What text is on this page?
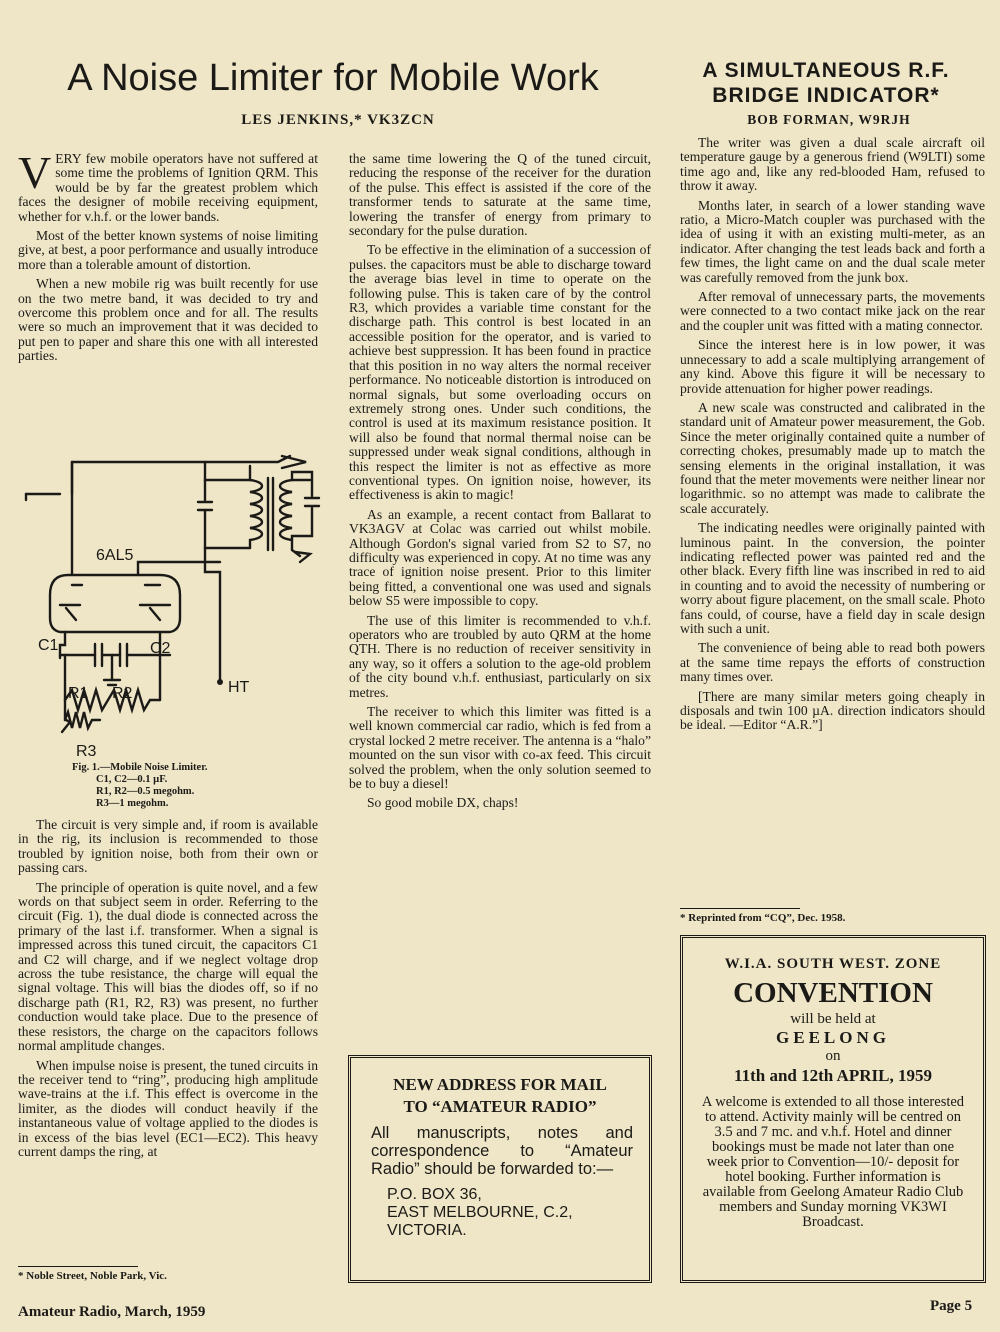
A Noise Limiter for Mobile Work
LES JENKINS,* VK3ZCN
A SIMULTANEOUS R.F. BRIDGE INDICATOR*
BOB FORMAN, W9RJH

VERY few mobile operators have not suffered at some time the problems of Ignition QRM. This would be by far the greatest problem which faces the designer of mobile receiving equipment, whether for v.h.f. or the lower bands.

Most of the better known systems of noise limiting give, at best, a poor performance and usually introduce more than a tolerable amount of distortion.

When a new mobile rig was built recently for use on the two metre band, it was decided to try and overcome this problem once and for all. The results were so much an improvement that it was decided to put pen to paper and share this one with all interested parties.

6AL5
C1	C2
R1 R2
R3
HT
Fig. 1.—Mobile Noise Limiter.
C1, C2—0.1 µF.
R1, R2—0.5 megohm.
R3—1 megohm.

The circuit is very simple and, if room is available in the rig, its inclusion is recommended to those troubled by ignition noise, both from their own or passing cars.

The principle of operation is quite novel, and a few words on that subject seem in order. Referring to the circuit (Fig. 1), the dual diode is connected across the primary of the last i.f. transformer. When a signal is impressed across this tuned circuit, the capacitors C1 and C2 will charge, and if we neglect voltage drop across the tube resistance, the charge will equal the signal voltage. This will bias the diodes off, so if no discharge path (R1, R2, R3) was present, no further conduction would take place. Due to the presence of these resistors, the charge on the capacitors follows normal amplitude changes.

When impulse noise is present, the tuned circuits in the receiver tend to “ring”, producing high amplitude wave-trains at the i.f. This effect is overcome in the limiter, as the diodes will conduct heavily if the instantaneous value of voltage applied to the diodes is in excess of the bias level (EC1—EC2). This heavy current damps the ring, at

* Noble Street, Noble Park, Vic.

the same time lowering the Q of the tuned circuit, reducing the response of the receiver for the duration of the pulse. This effect is assisted if the core of the transformer tends to saturate at the same time, lowering the transfer of energy from primary to secondary for the pulse duration.

To be effective in the elimination of a succession of pulses. the capacitors must be able to discharge toward the average bias level in time to operate on the following pulse. This is taken care of by the control R3, which provides a variable time constant for the discharge path. This control is best located in an accessible position for the operator, and is varied to achieve best suppression. It has been found in practice that this position in no way alters the normal receiver performance. No noticeable distortion is introduced on normal signals, but some overloading occurs on extremely strong ones. Under such conditions, the control is used at its maximum resistance position. It will also be found that normal thermal noise can be suppressed under weak signal conditions, although in this respect the limiter is not as effective as more conventional types. On ignition noise, however, its effectiveness is akin to magic!

As an example, a recent contact from Ballarat to VK3AGV at Colac was carried out whilst mobile. Although Gordon's signal varied from S2 to S7, no difficulty was experienced in copy. At no time was any trace of ignition noise present. Prior to this limiter being fitted, a conventional one was used and signals below S5 were impossible to copy.

The use of this limiter is recommended to v.h.f. operators who are troubled by auto QRM at the home QTH. There is no reduction of receiver sensitivity in any way, so it offers a solution to the age-old problem of the city bound v.h.f. enthusiast, particularly on six metres.

The receiver to which this limiter was fitted is a well known commercial car radio, which is fed from a crystal locked 2 metre receiver. The antenna is a “halo” mounted on the sun visor with co-ax feed. This circuit solved the problem, when the only solution seemed to be to buy a diesel!

So good mobile DX, chaps!

NEW ADDRESS FOR MAIL
TO “AMATEUR RADIO”
All manuscripts, notes and correspondence to “Amateur Radio” should be forwarded to:—
P.O. BOX 36,
EAST MELBOURNE, C.2,
VICTORIA.

The writer was given a dual scale aircraft oil temperature gauge by a generous friend (W9LTI) some time ago and, like any red-blooded Ham, refused to throw it away.

Months later, in search of a lower standing wave ratio, a Micro-Match coupler was purchased with the idea of using it with an existing multi-meter, as an indicator. After changing the test leads back and forth a few times, the light came on and the dual scale meter was carefully removed from the junk box.

After removal of unnecessary parts, the movements were connected to a two contact mike jack on the rear and the coupler unit was fitted with a mating connector.

Since the interest here is in low power, it was unnecessary to add a scale multiplying arrangement of any kind. Above this figure it will be necessary to provide attenuation for higher power readings.

A new scale was constructed and calibrated in the standard unit of Amateur power measurement, the Gob. Since the meter originally contained quite a number of correcting chokes, presumably made up to match the sensing elements in the original installation, it was found that the meter movements were neither linear nor logarithmic. so no attempt was made to calibrate the scale accurately.

The indicating needles were originally painted with luminous paint. In the conversion, the pointer indicating reflected power was painted red and the other black. Every fifth line was inscribed in red to aid in counting and to avoid the necessity of numbering or worry about figure placement, on the small scale. Photo fans could, of course, have a field day in scale design with such a unit.

The convenience of being able to read both powers at the same time repays the efforts of construction many times over.

[There are many similar meters going cheaply in disposals and twin 100 µA. direction indicators should be ideal. —Editor “A.R.”]

* Reprinted from “CQ”, Dec. 1958.
W.I.A. SOUTH WEST. ZONE
CONVENTION
will be held at
GEELONG
on
11th and 12th APRIL, 1959
A welcome is extended to all those interested to attend. Activity mainly will be centred on 3.5 and 7 mc. and v.h.f. Hotel and dinner bookings must be made not later than one week prior to Convention—10/- deposit for hotel booking. Further information is available from Geelong Amateur Radio Club members and Sunday morning VK3WI Broadcast.
Amateur Radio, March, 1959	Page 5
